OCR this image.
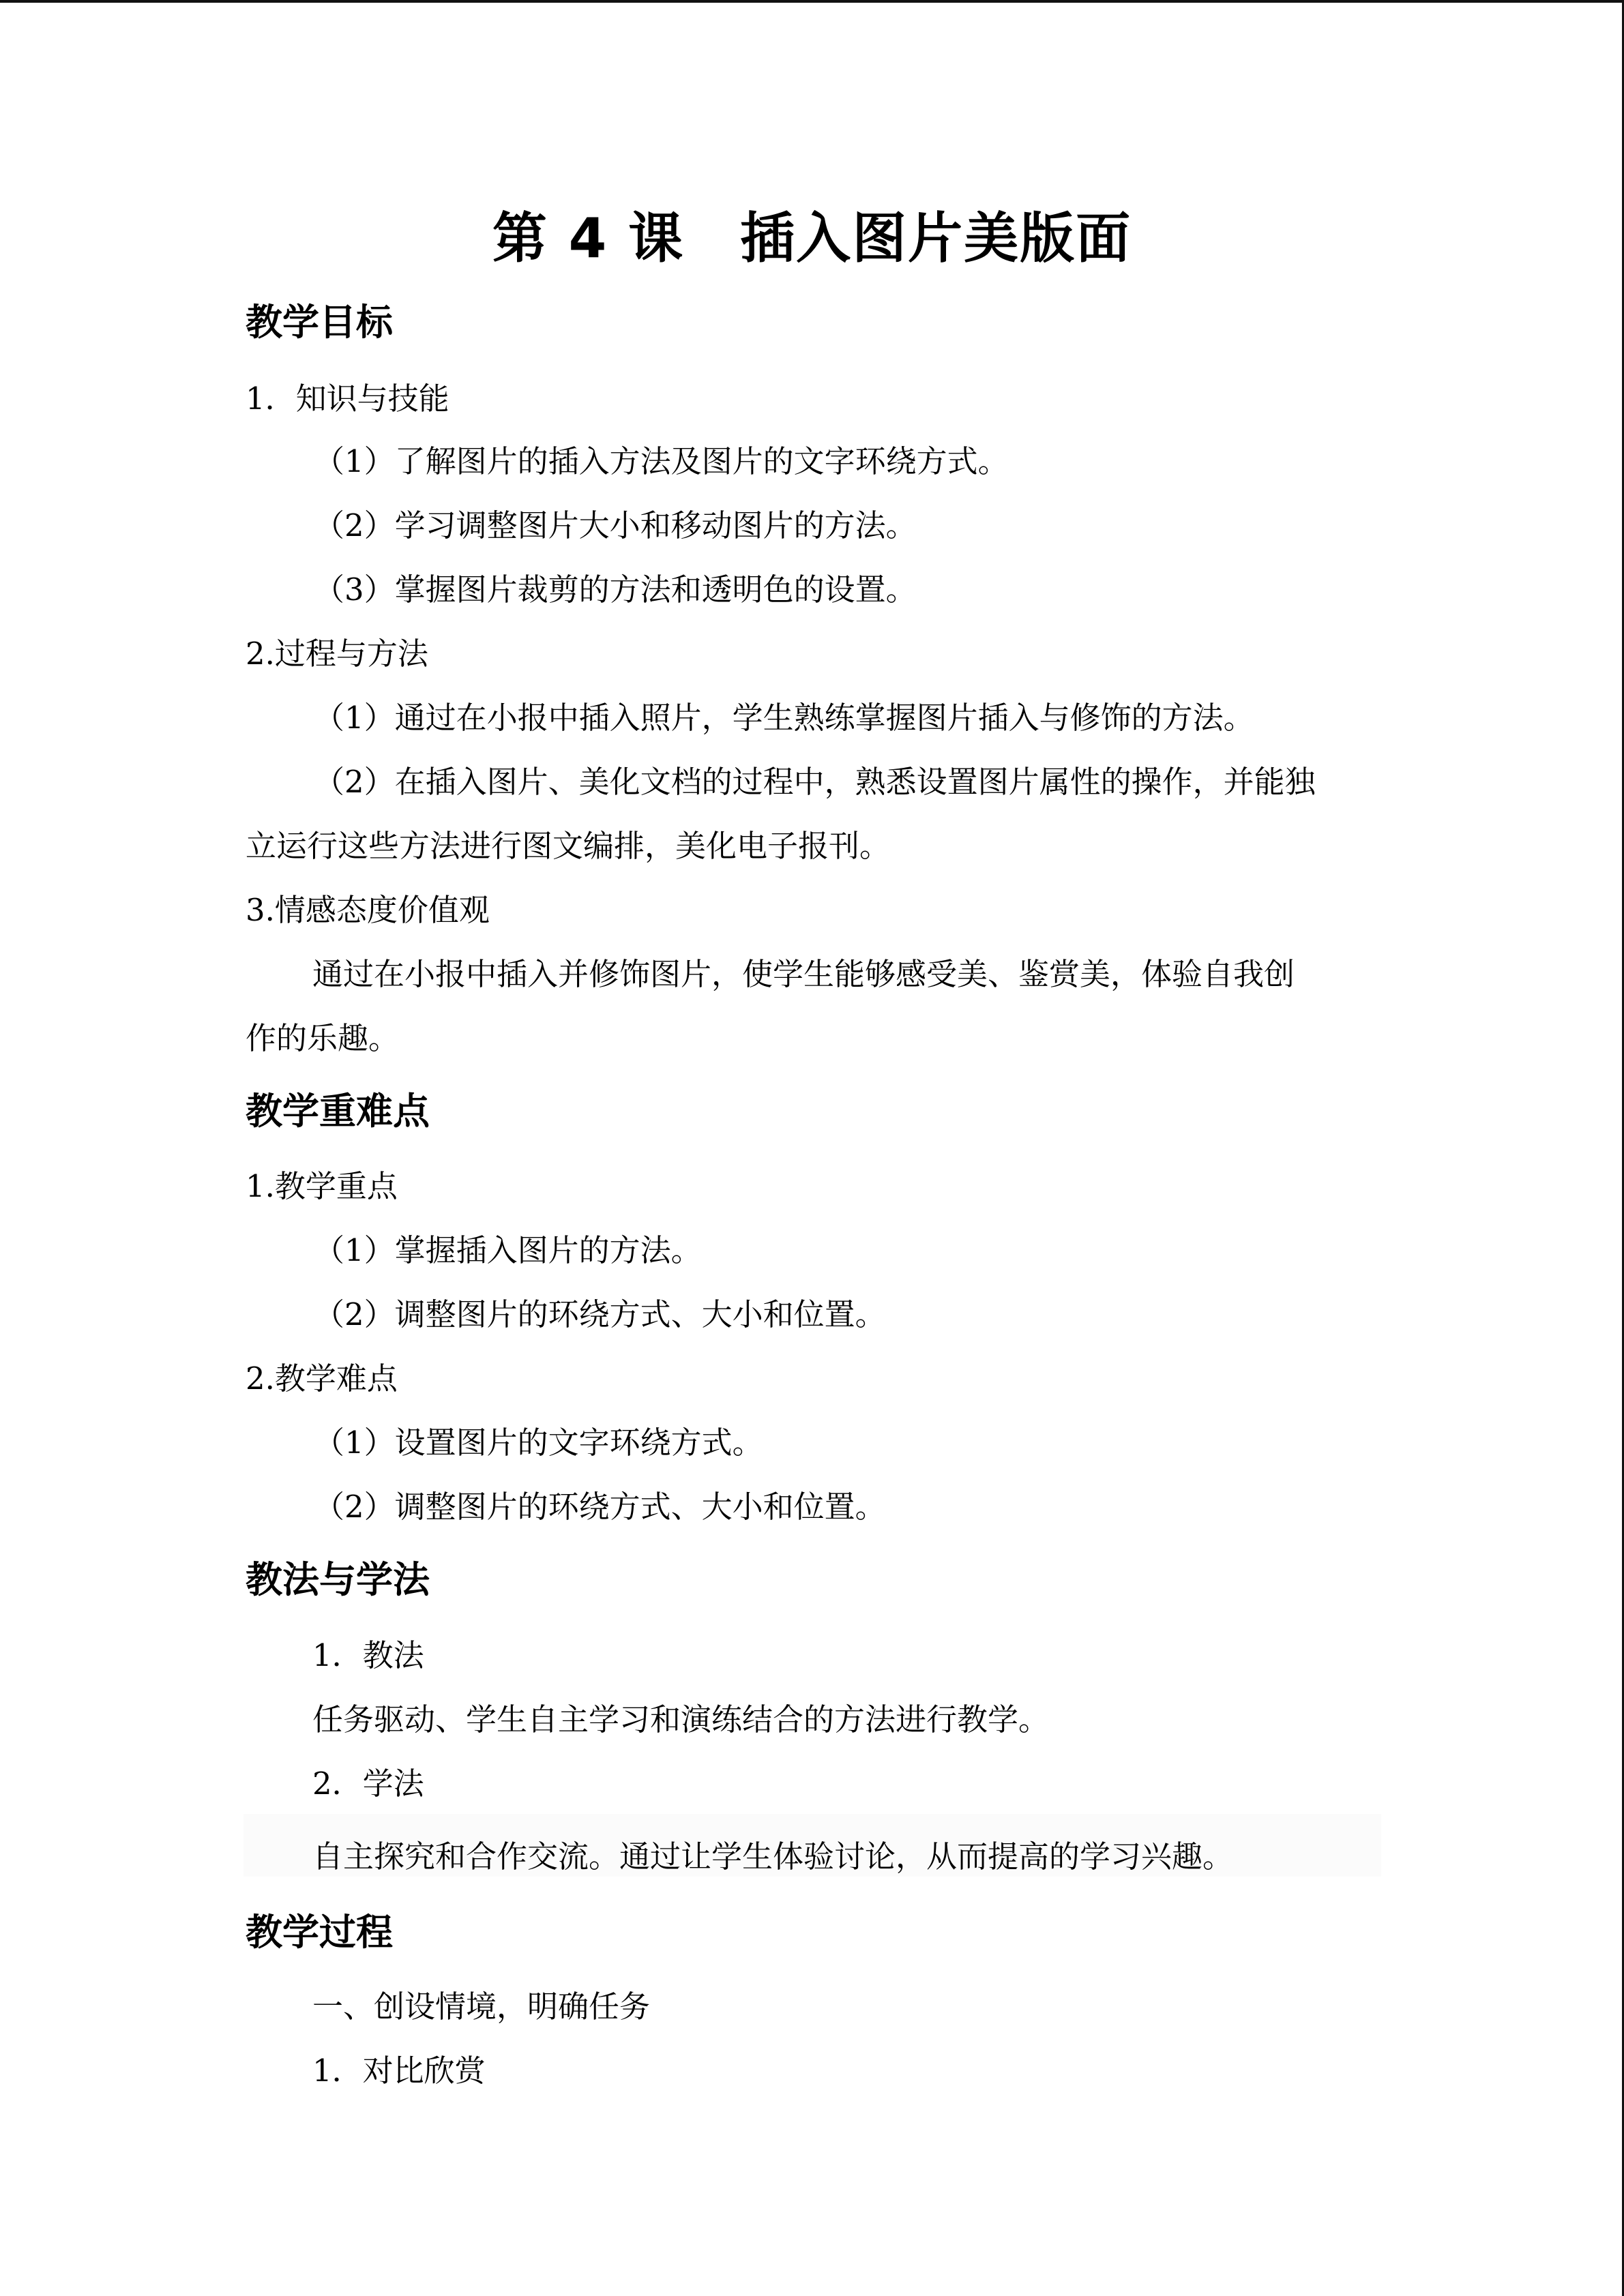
第 4 课　插入图片美版面
教学目标
1．知识与技能
（1）了解图片的插入方法及图片的文字环绕方式。
（2）学习调整图片大小和移动图片的方法。
（3）掌握图片裁剪的方法和透明色的设置。
2.过程与方法
（1）通过在小报中插入照片，学生熟练掌握图片插入与修饰的方法。
（2）在插入图片、美化文档的过程中，熟悉设置图片属性的操作，并能独
立运行这些方法进行图文编排，美化电子报刊。
3.情感态度价值观
通过在小报中插入并修饰图片，使学生能够感受美、鉴赏美，体验自我创
作的乐趣。
教学重难点
1.教学重点
（1）掌握插入图片的方法。
（2）调整图片的环绕方式、大小和位置。
2.教学难点
（1）设置图片的文字环绕方式。
（2）调整图片的环绕方式、大小和位置。
教法与学法
1．教法
任务驱动、学生自主学习和演练结合的方法进行教学。
2．学法
自主探究和合作交流。通过让学生体验讨论，从而提高的学习兴趣。
教学过程
一、创设情境，明确任务
1．对比欣赏
